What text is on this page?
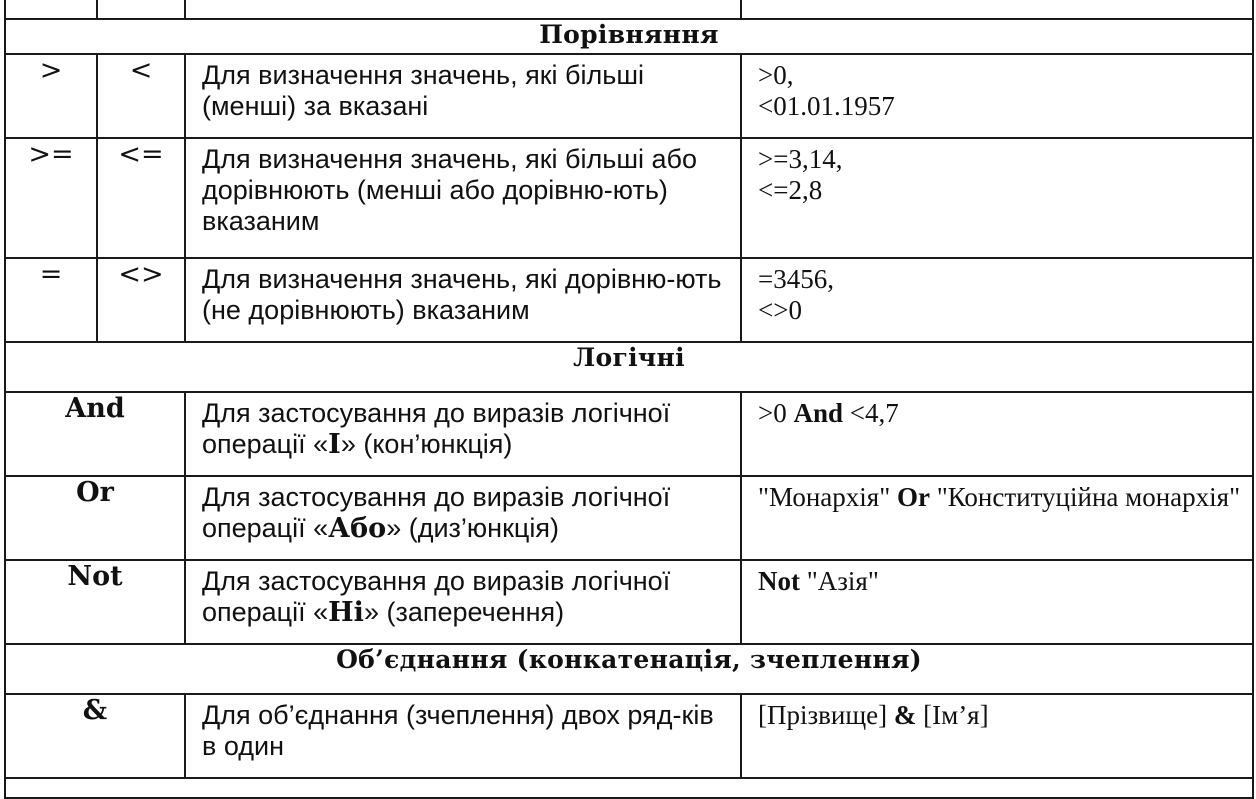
Порівняння			
>	<	Для визначення значень, які більші (менші) за вказані	>0,
<01.01.1957

>=	<=	Для визначення значень, які більші або дорівнюють (менші або дорівню-ють) вказаним	>=3,14,
<=2,8

=	<>	Для визначення значень, які дорівню-ють (не дорівнюють) вказаним	=3456,
<>0

Логічні			
And		Для застосування до виразів логічної операції «І» (кон’юнкція)	>0 And <4,7

Or		Для застосування до виразів логічної операції «Або» (диз’юнкція)	"Монархія" Or "Конституційна монархія"

Not		Для застосування до виразів логічної операції «Ні» (заперечення)	Not "Азія"

Об’єднання (конкатенація, зчеплення)			
&		Для об’єднання (зчеплення) двох ряд-ків в один	[Прізвище] & [Ім’я]
